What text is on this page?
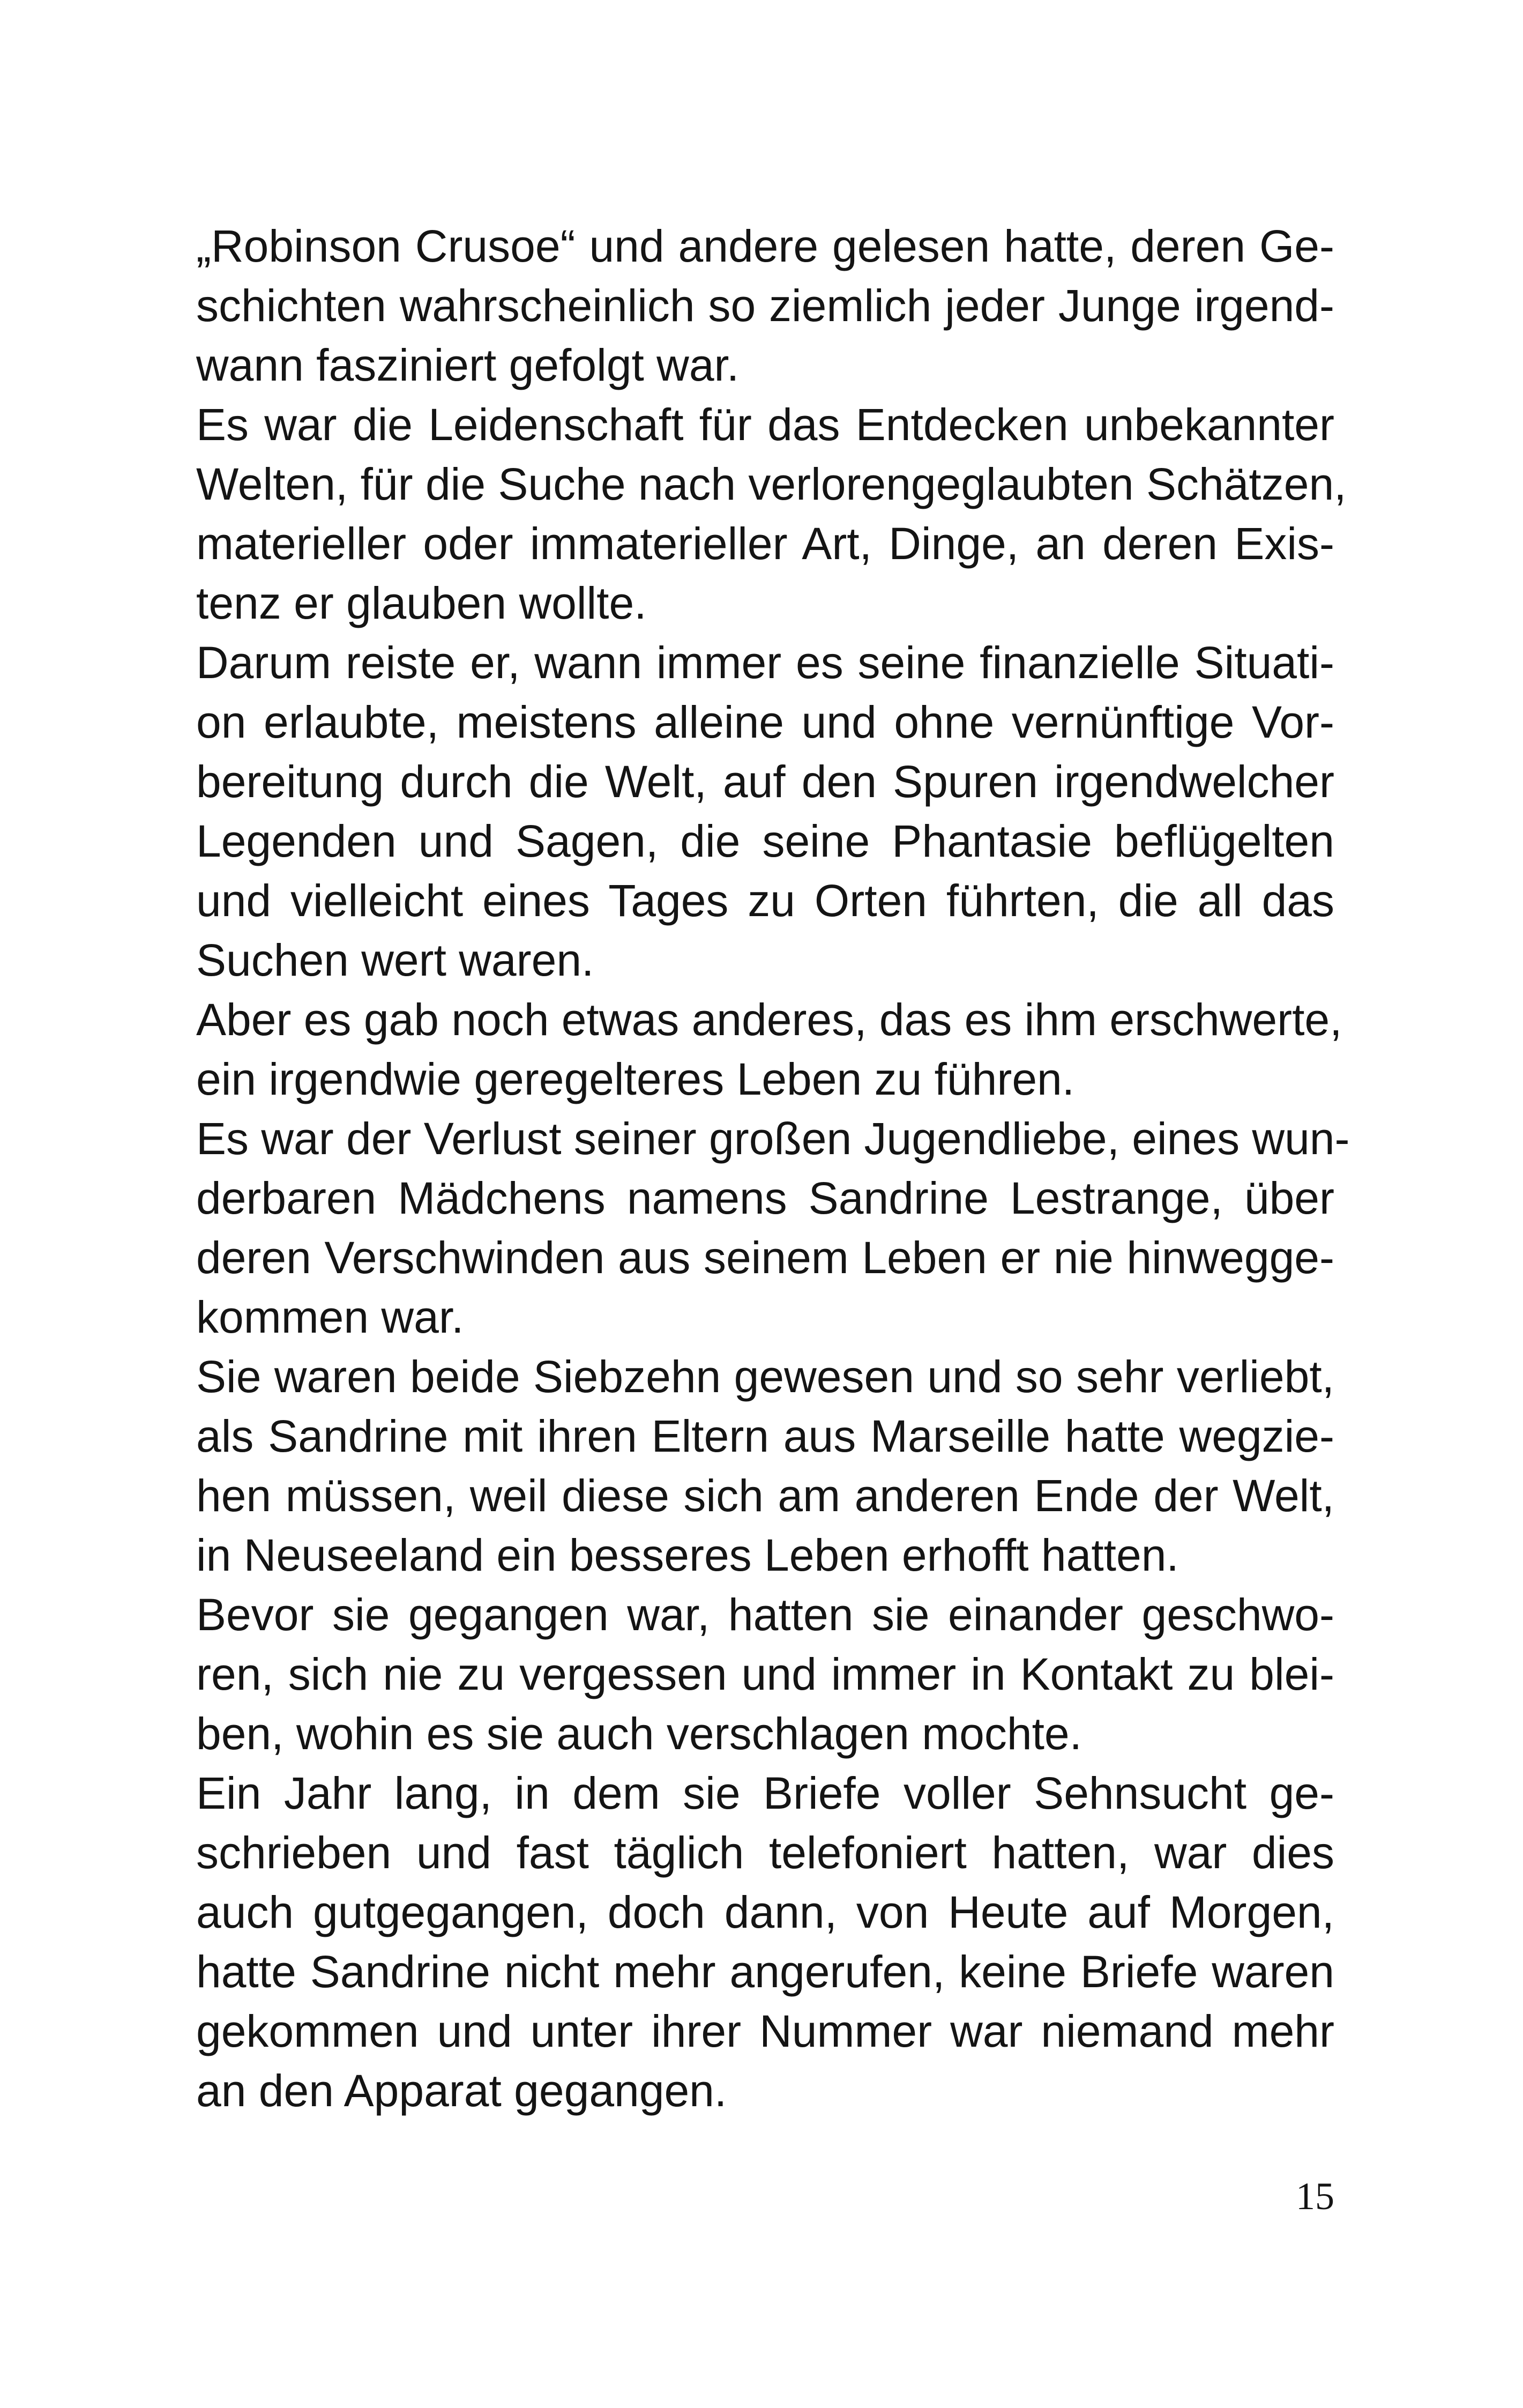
„Robinson Crusoe“ und andere gelesen hatte, deren Ge-
schichten wahrscheinlich so ziemlich jeder Junge irgend-
wann fasziniert gefolgt war.
Es war die Leidenschaft für das Entdecken unbekannter
Welten, für die Suche nach verlorengeglaubten Schätzen,
materieller oder immaterieller Art, Dinge, an deren Exis-
tenz er glauben wollte.
Darum reiste er, wann immer es seine finanzielle Situati-
on erlaubte, meistens alleine und ohne vernünftige Vor-
bereitung durch die Welt, auf den Spuren irgendwelcher
Legenden und Sagen, die seine Phantasie beflügelten
und vielleicht eines Tages zu Orten führten, die all das
Suchen wert waren.
Aber es gab noch etwas anderes, das es ihm erschwerte,
ein irgendwie geregelteres Leben zu führen.
Es war der Verlust seiner großen Jugendliebe, eines wun-
derbaren Mädchens namens Sandrine Lestrange, über
deren Verschwinden aus seinem Leben er nie hinwegge-
kommen war.
Sie waren beide Siebzehn gewesen und so sehr verliebt,
als Sandrine mit ihren Eltern aus Marseille hatte wegzie-
hen müssen, weil diese sich am anderen Ende der Welt,
in Neuseeland ein besseres Leben erhofft hatten.
Bevor sie gegangen war, hatten sie einander geschwo-
ren, sich nie zu vergessen und immer in Kontakt zu blei-
ben, wohin es sie auch verschlagen mochte.
Ein Jahr lang, in dem sie Briefe voller Sehnsucht ge-
schrieben und fast täglich telefoniert hatten, war dies
auch gutgegangen, doch dann, von Heute auf Morgen,
hatte Sandrine nicht mehr angerufen, keine Briefe waren
gekommen und unter ihrer Nummer war niemand mehr
an den Apparat gegangen.
15
